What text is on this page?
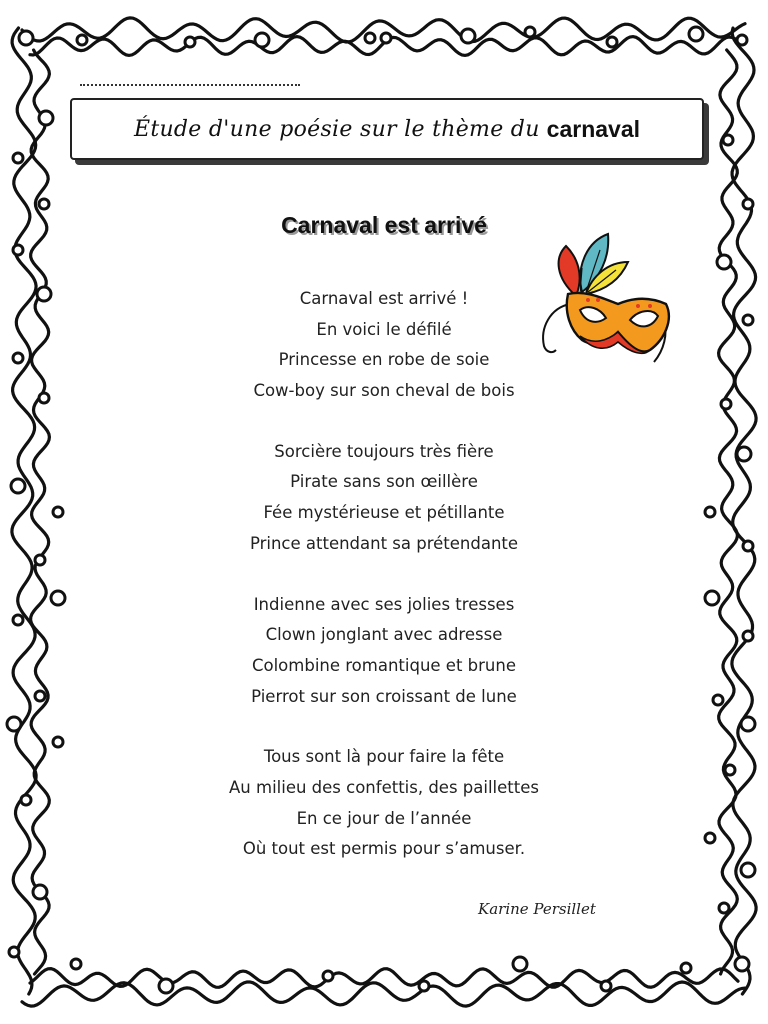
Étude d'une poésie sur le thème du carnaval
Carnaval est arrivé
Carnaval est arrivé !
En voici le défilé
Princesse en robe de soie
Cow-boy sur son cheval de bois
Sorcière toujours très fière
Pirate sans son œillère
Fée mystérieuse et pétillante
Prince attendant sa prétendante
Indienne avec ses jolies tresses
Clown jonglant avec adresse
Colombine romantique et brune
Pierrot sur son croissant de lune
Tous sont là pour faire la fête
Au milieu des confettis, des paillettes
En ce jour de l’année
Où tout est permis pour s’amuser.
Karine Persillet
